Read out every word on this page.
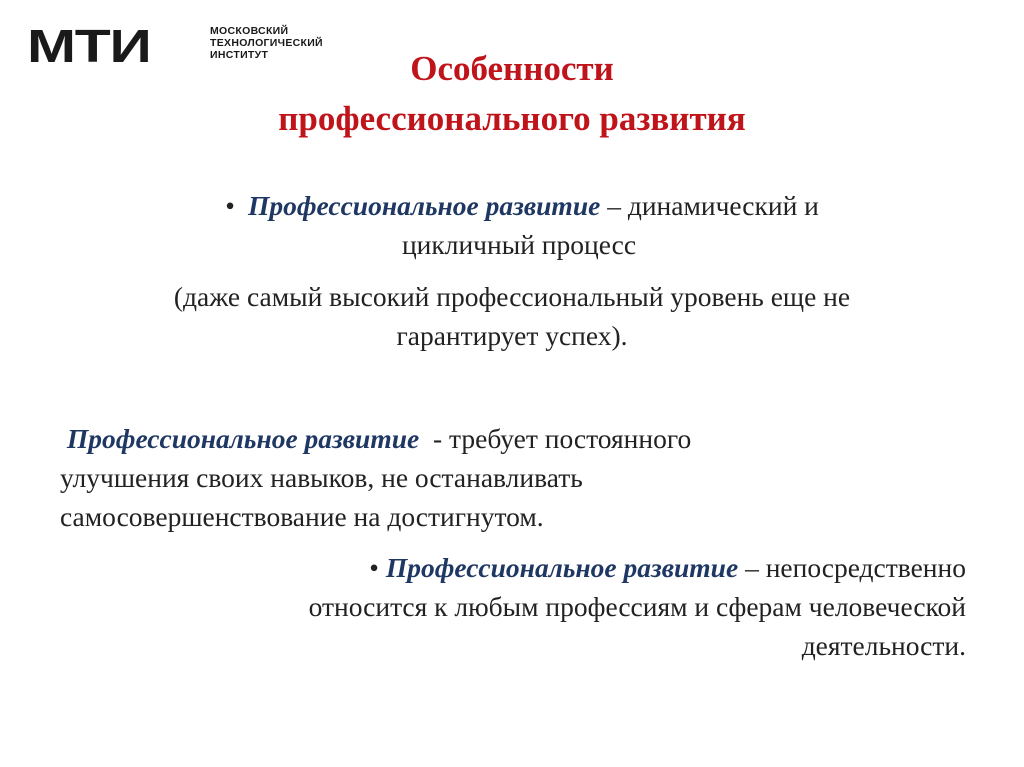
МТИ	МОСКОВСКИЙ
ТЕХНОЛОГИЧЕСКИЙ
ИНСТИТУТ	Особенности
профессионального развития
• Профессиональное развитие – динамический и
цикличный процесс
(даже самый высокий профессиональный уровень еще не
гарантирует успех).
Профессиональное развитие  - требует постоянного
улучшения своих навыков, не останавливать
самосовершенствование на достигнутом.
• Профессиональное развитие – непосредственно
относится к любым профессиям и сферам человеческой
деятельности.
